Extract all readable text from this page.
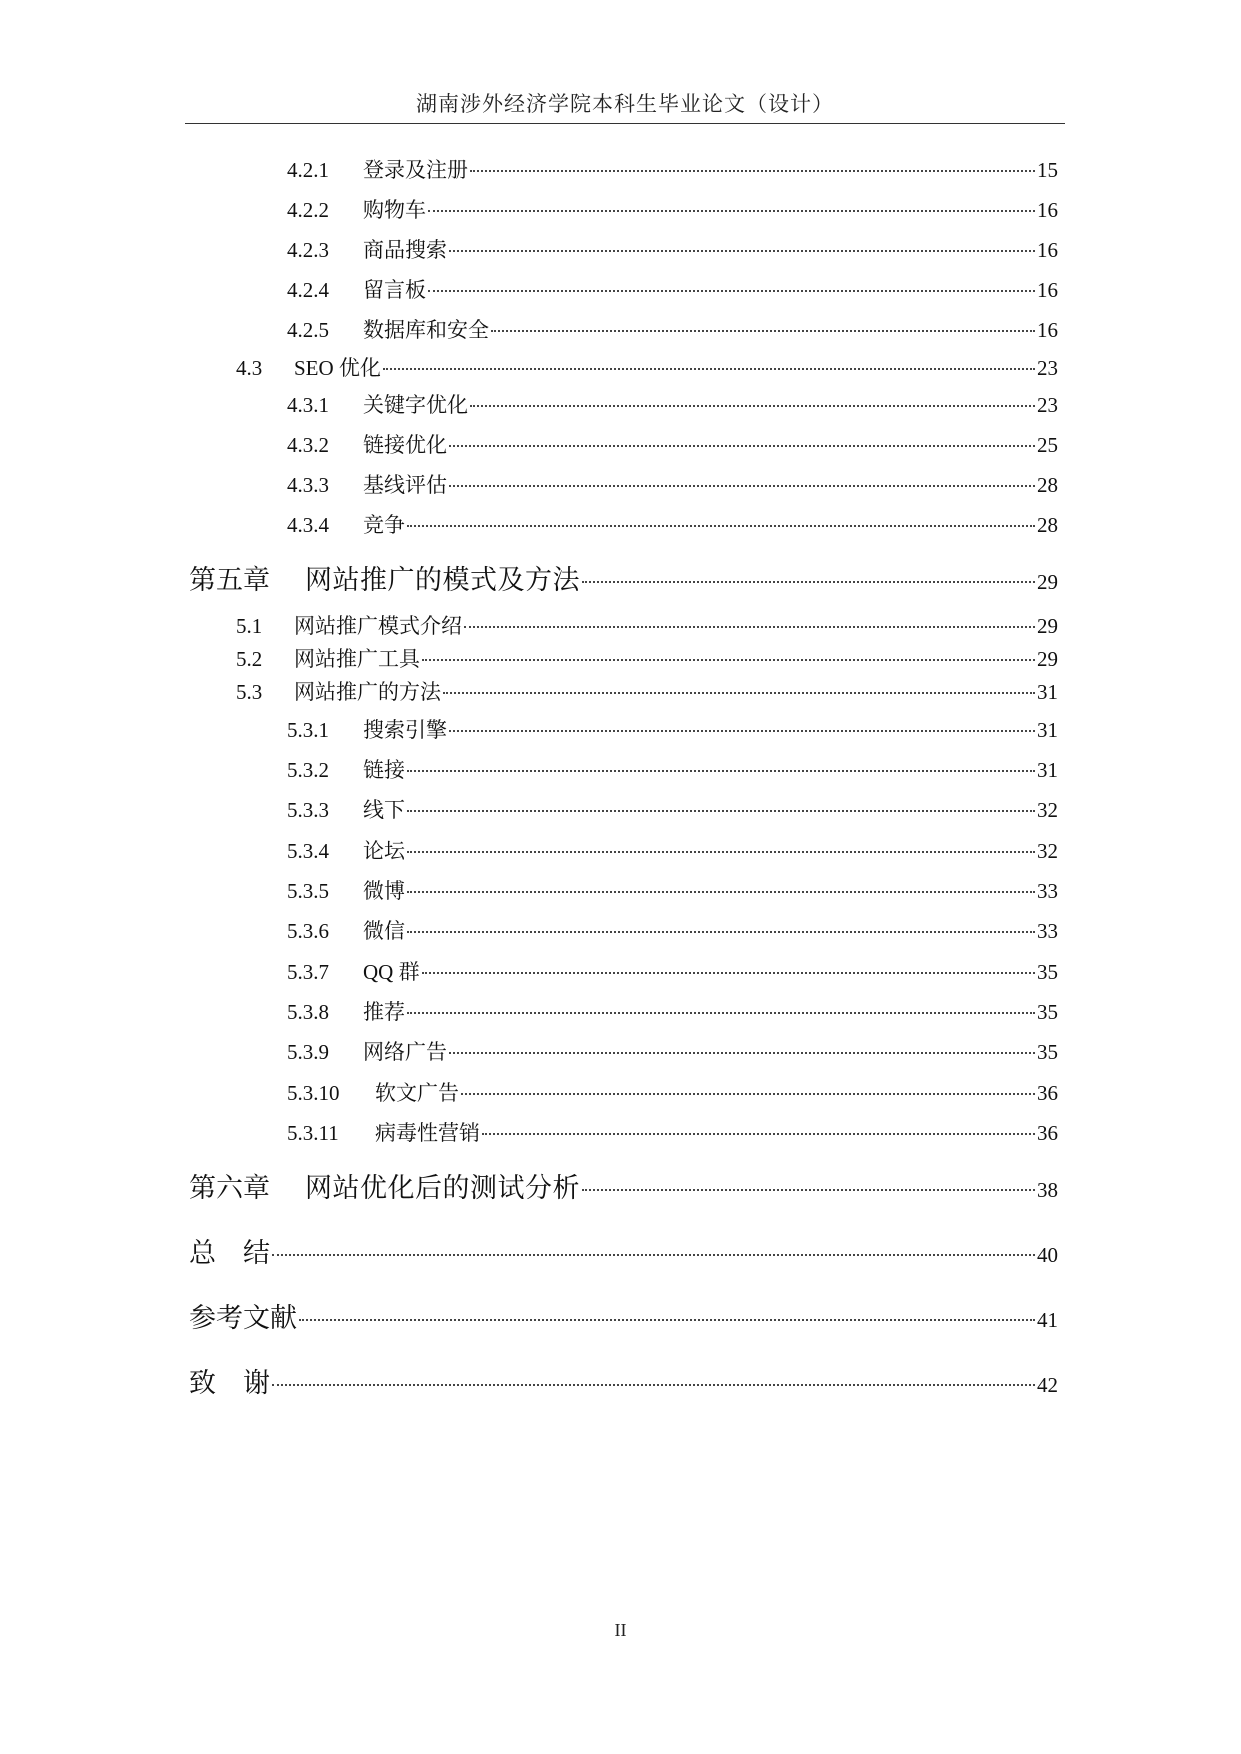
湖南涉外经济学院本科生毕业论文（设计）
4.2.1	登录及注册	15
4.2.2	购物车	16
4.2.3	商品搜索	16
4.2.4	留言板	16
4.2.5	数据库和安全	16
4.3	SEO 优化	23
4.3.1	关键字优化	23
4.3.2	链接优化	25
4.3.3	基线评估	28
4.3.4	竞争	28
第五章	网站推广的模式及方法	29
5.1	网站推广模式介绍	29
5.2	网站推广工具	29
5.3	网站推广的方法	31
5.3.1	搜索引擎	31
5.3.2	链接	31
5.3.3	线下	32
5.3.4	论坛	32
5.3.5	微博	33
5.3.6	微信	33
5.3.7	QQ 群	35
5.3.8	推荐	35
5.3.9	网络广告	35
5.3.10	软文广告	36
5.3.11	病毒性营销	36
第六章	网站优化后的测试分析	38
总　结	40
参考文献	41
致　谢	42
II
